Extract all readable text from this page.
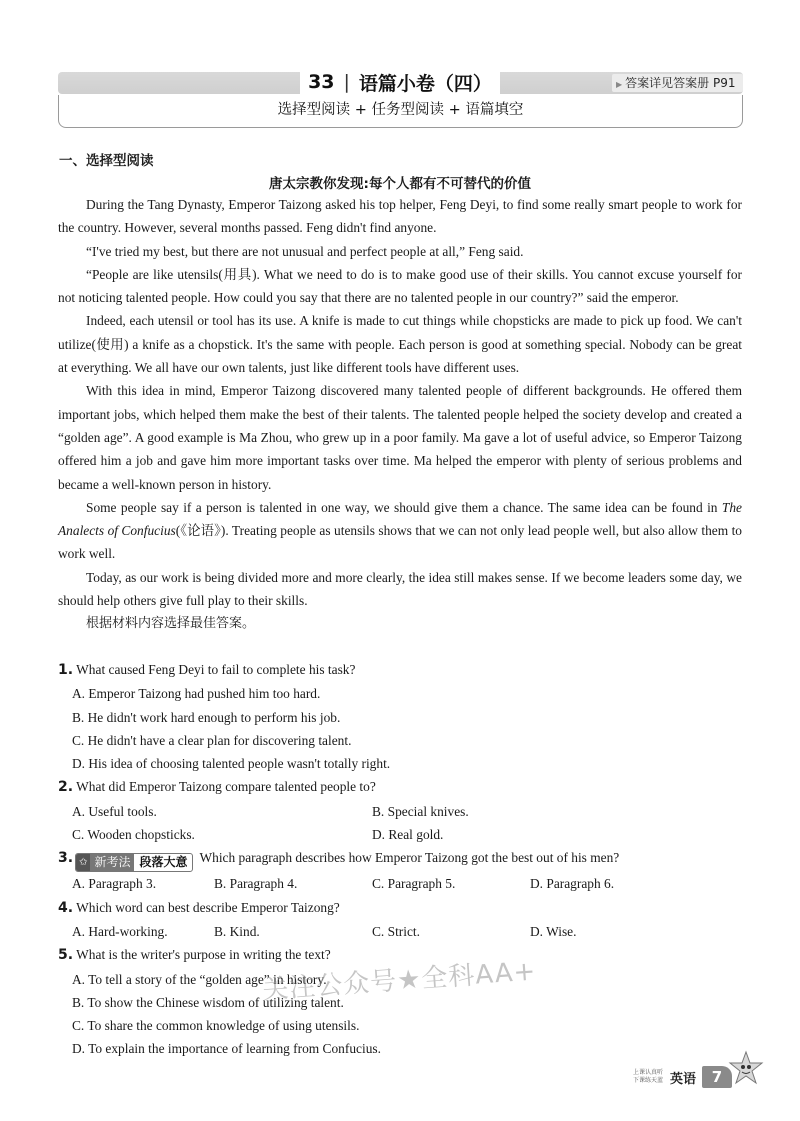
33 | 语篇小卷（四）	▶ 答案详见答案册 P91
选择型阅读 + 任务型阅读 + 语篇填空
一、选择型阅读
唐太宗教你发现:每个人都有不可替代的价值

During the Tang Dynasty, Emperor Taizong asked his top helper, Feng Deyi, to find some really smart people to work for the country. However, several months passed. Feng didn't find anyone.

“I've tried my best, but there are not unusual and perfect people at all,” Feng said.

“People are like utensils(用具). What we need to do is to make good use of their skills. You cannot excuse yourself for not noticing talented people. How could you say that there are no talented people in our country?” said the emperor.

Indeed, each utensil or tool has its use. A knife is made to cut things while chopsticks are made to pick up food. We can't utilize(使用) a knife as a chopstick. It's the same with people. Each person is good at something special. Nobody can be great at everything. We all have our own talents, just like different tools have different uses.

With this idea in mind, Emperor Taizong discovered many talented people of different backgrounds. He offered them important jobs, which helped them make the best of their talents. The talented people helped the society develop and created a “golden age”. A good example is Ma Zhou, who grew up in a poor family. Ma gave a lot of useful advice, so Emperor Taizong offered him a job and gave him more important tasks over time. Ma helped the emperor with plenty of serious problems and became a well-known person in history.

Some people say if a person is talented in one way, we should give them a chance. The same idea can be found in The Analects of Confucius(《论语》). Treating people as utensils shows that we can not only lead people well, but also allow them to work well.

Today, as our work is being divided more and more clearly, the idea still makes sense. If we become leaders some day, we should help others give full play to their skills.

根据材料内容选择最佳答案。

1. What caused Feng Deyi to fail to complete his task?
A. Emperor Taizong had pushed him too hard.
B. He didn't work hard enough to perform his job.
C. He didn't have a clear plan for discovering talent.
D. His idea of choosing talented people wasn't totally right.
2. What did Emperor Taizong compare talented people to?
A. Useful tools.	B. Special knives.
C. Wooden chopsticks.	D. Real gold.
3. ✩ 新考法 段落大意 Which paragraph describes how Emperor Taizong got the best out of his men?
A. Paragraph 3.	B. Paragraph 4.	C. Paragraph 5.	D. Paragraph 6.
4. Which word can best describe Emperor Taizong?
A. Hard-working.	B. Kind.	C. Strict.	D. Wise.
5. What is the writer's purpose in writing the text?
A. To tell a story of the “golden age” in history.
B. To show the Chinese wisdom of utilizing talent.
C. To share the common knowledge of using utensils.
D. To explain the importance of learning from Confucius.
关注公众号★全科AA+
上课认真听
下课练天蓝 英语	7
